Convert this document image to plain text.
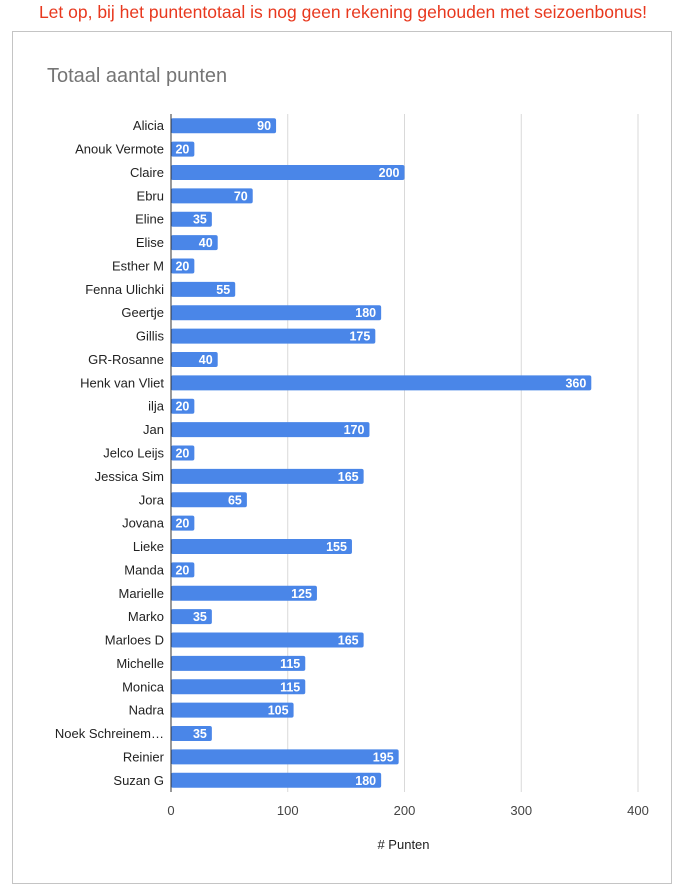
Let op, bij het puntentotaal is nog geen rekening gehouden met seizoenbonus!
Totaal aantal punten
0	100	200	300	400
Alicia	90
Anouk Vermote 20
Claire	200
Ebru	70
Eline 35
Elise	40
Esther M 20
Fenna Ulichki	55
Geertje	180
Gillis	175
GR-Rosanne	40
Henk van Vliet	360
ilja 20
Jan	170
Jelco Leijs 20
Jessica Sim	165
Jora	65
Jovana 20
Lieke	155
Manda 20
Marielle	125
Marko 35
Marloes D	165
Michelle	115
Monica	115
Nadra	105
Noek Schreinem… 35
Reinier	195
Suzan G	180
# Punten
